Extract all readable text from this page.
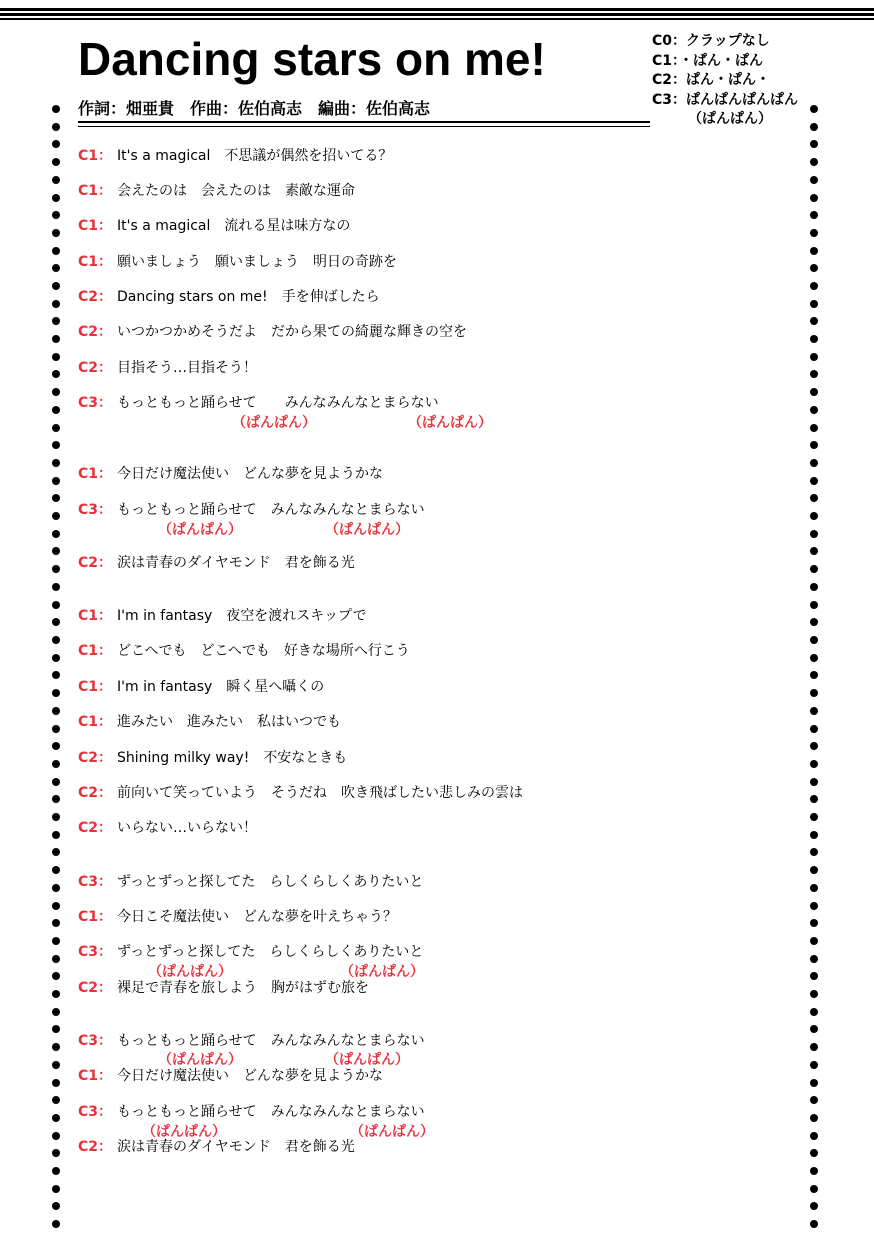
Dancing stars on me!
作詞：畑亜貴　作曲：佐伯高志　編曲：佐伯高志
C0：クラップなし
C1：・ぱん・ぱん
C2：ぱん・ぱん・
C3：ぱんぱんぱんぱん
（ぱんぱん）
C1： It's a magical　不思議が偶然を招いてる？
C1： 会えたのは　会えたのは　素敵な運命
C1： It's a magical　流れる星は味方なの
C1： 願いましょう　願いましょう　明日の奇跡を
C2： Dancing stars on me!　手を伸ばしたら
C2： いつかつかめそうだよ　だから果ての綺麗な輝きの空を
C2： 目指そう…目指そう！
C3： もっともっと踊らせて　　みんなみんなとまらない
（ぱんぱん）	（ぱんぱん）
C1： 今日だけ魔法使い　どんな夢を見ようかな
C3： もっともっと踊らせて　みんなみんなとまらない
（ぱんぱん）	（ぱんぱん）
C2： 涙は青春のダイヤモンド　君を飾る光
C1： I'm in fantasy　夜空を渡れスキップで
C1： どこへでも　どこへでも　好きな場所へ行こう
C1： I'm in fantasy　瞬く星へ囁くの
C1： 進みたい　進みたい　私はいつでも
C2： Shining milky way!　不安なときも
C2： 前向いて笑っていよう　そうだね　吹き飛ばしたい悲しみの雲は
C2： いらない…いらない！
C3： ずっとずっと探してた　らしくらしくありたいと
C1： 今日こそ魔法使い　どんな夢を叶えちゃう？
C3： ずっとずっと探してた　らしくらしくありたいと
（ぱんぱん）	（ぱんぱん）
C2： 裸足で青春を旅しよう　胸がはずむ旅を
C3： もっともっと踊らせて　みんなみんなとまらない
（ぱんぱん）	（ぱんぱん）
C1： 今日だけ魔法使い　どんな夢を見ようかな
C3： もっともっと踊らせて　みんなみんなとまらない
（ぱんぱん）	（ぱんぱん）
C2： 涙は青春のダイヤモンド　君を飾る光
